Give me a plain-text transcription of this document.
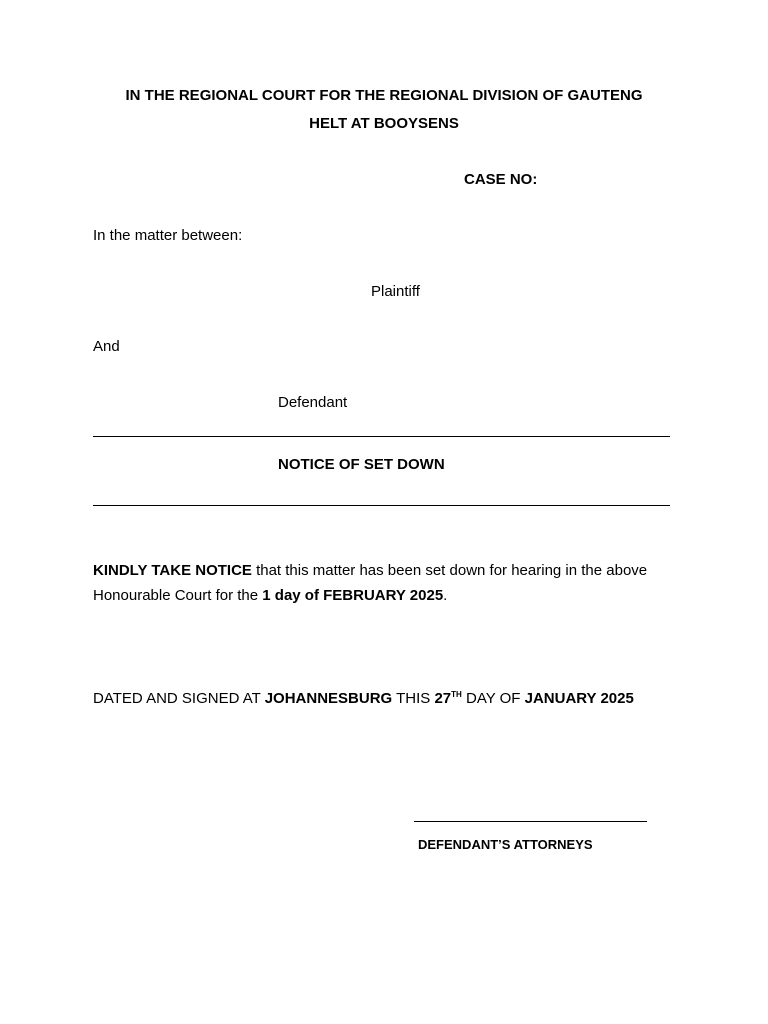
IN THE REGIONAL COURT FOR THE REGIONAL DIVISION OF GAUTENG
HELT AT BOOYSENS
CASE NO:
In the matter between:
Plaintiff
And
Defendant
NOTICE OF SET DOWN
KINDLY TAKE NOTICE that this matter has been set down for hearing in the above Honourable Court for the 1 day of FEBRUARY 2025.
DATED AND SIGNED AT JOHANNESBURG THIS 27TH DAY OF JANUARY 2025
DEFENDANT’S ATTORNEYS
